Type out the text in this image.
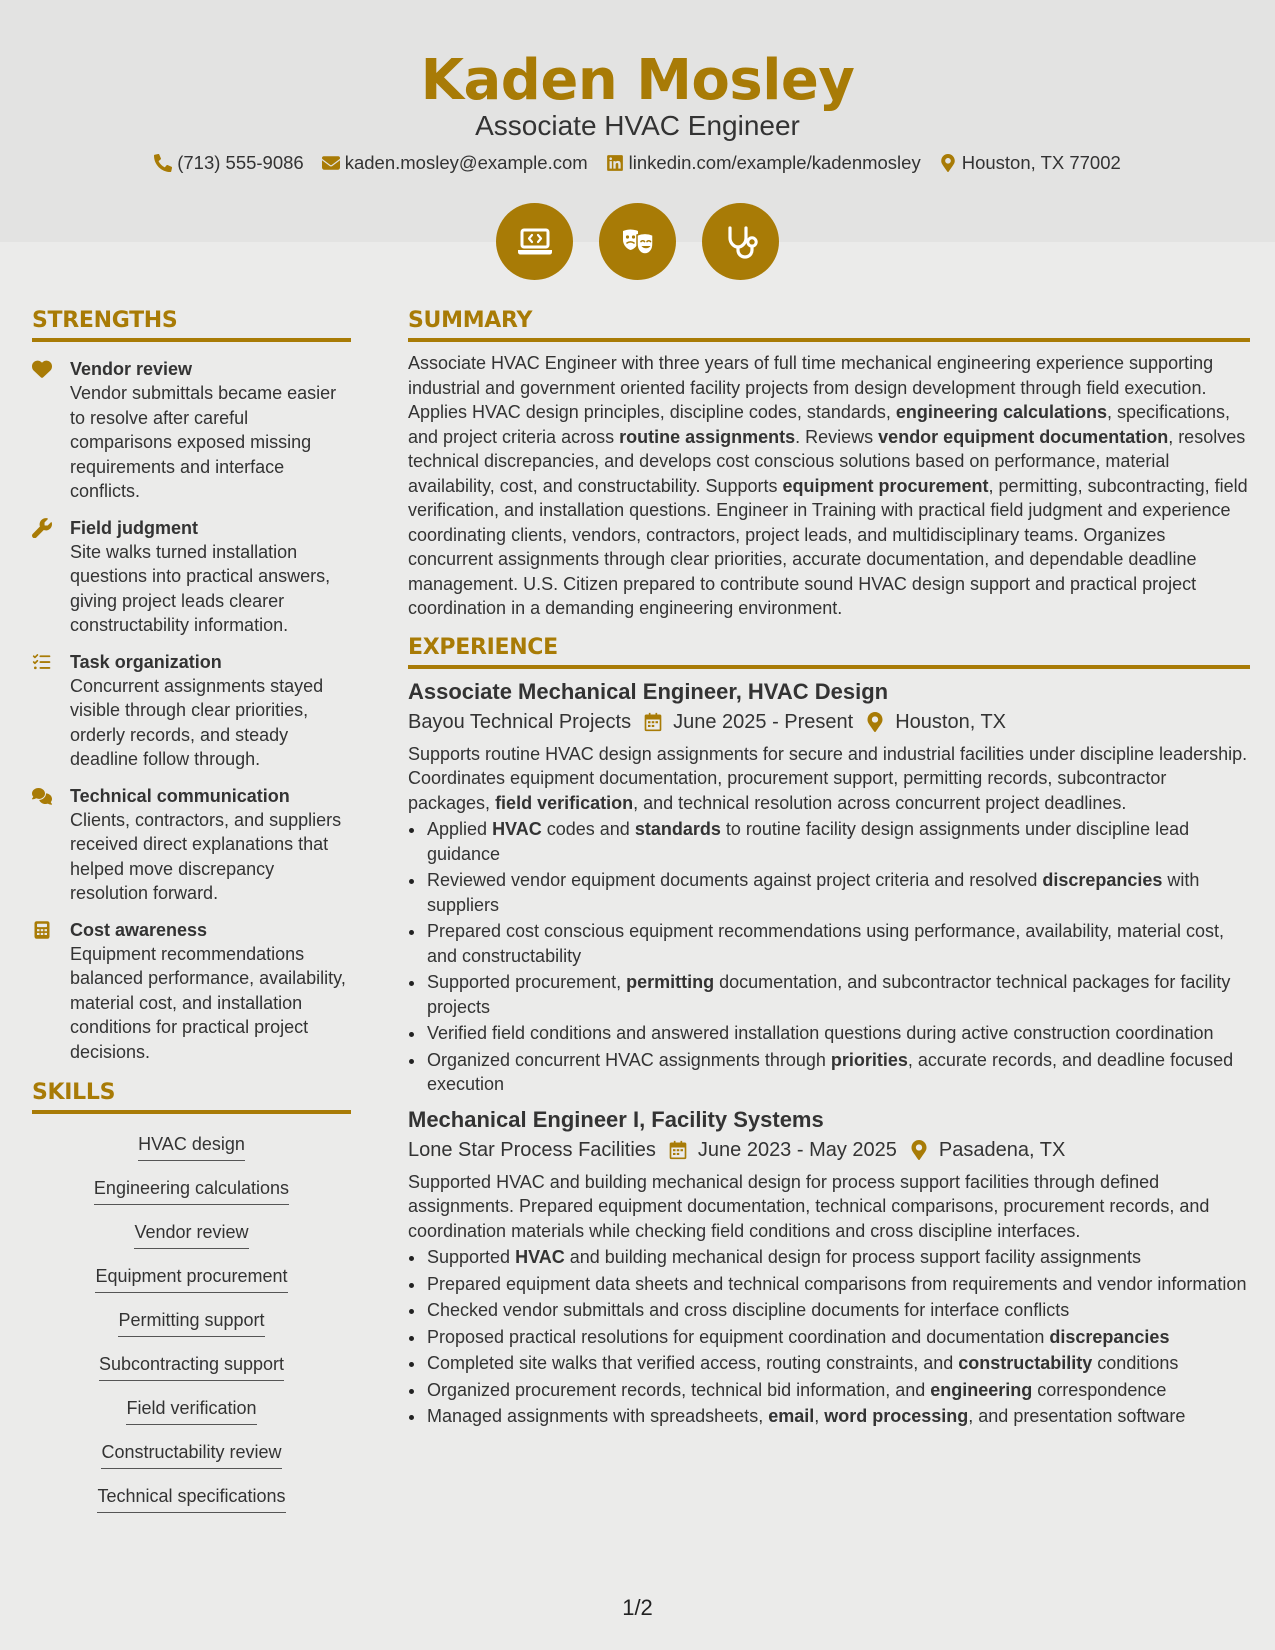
Kaden Mosley
Associate HVAC Engineer
(713) 555-9086 kaden.mosley@example.com linkedin.com/example/kadenmosley Houston, TX 77002
STRENGTHS
Vendor review
Vendor submittals became easier to resolve after careful comparisons exposed missing requirements and interface conflicts.
Field judgment
Site walks turned installation questions into practical answers, giving project leads clearer constructability information.
Task organization
Concurrent assignments stayed visible through clear priorities, orderly records, and steady deadline follow through.
Technical communication
Clients, contractors, and suppliers received direct explanations that helped move discrepancy resolution forward.
Cost awareness
Equipment recommendations balanced performance, availability, material cost, and installation conditions for practical project decisions.
SKILLS
HVAC design
Engineering calculations
Vendor review
Equipment procurement
Permitting support
Subcontracting support
Field verification
Constructability review
Technical specifications
SUMMARY

Associate HVAC Engineer with three years of full time mechanical engineering experience supporting industrial and government oriented facility projects from design development through field execution. Applies HVAC design principles, discipline codes, standards, engineering calculations, specifications, and project criteria across routine assignments. Reviews vendor equipment documentation, resolves technical discrepancies, and develops cost conscious solutions based on performance, material availability, cost, and constructability. Supports equipment procurement, permitting, subcontracting, field verification, and installation questions. Engineer in Training with practical field judgment and experience coordinating clients, vendors, contractors, project leads, and multidisciplinary teams. Organizes concurrent assignments through clear priorities, accurate documentation, and dependable deadline management. U.S. Citizen prepared to contribute sound HVAC design support and practical project coordination in a demanding engineering environment.

EXPERIENCE
Associate Mechanical Engineer, HVAC Design
Bayou Technical Projects June 2025 - Present Houston, TX

Supports routine HVAC design assignments for secure and industrial facilities under discipline leadership. Coordinates equipment documentation, procurement support, permitting records, subcontractor packages, field verification, and technical resolution across concurrent project deadlines.

• Applied HVAC codes and standards to routine facility design assignments under discipline lead guidance
• Reviewed vendor equipment documents against project criteria and resolved discrepancies with suppliers
• Prepared cost conscious equipment recommendations using performance, availability, material cost, and constructability
• Supported procurement, permitting documentation, and subcontractor technical packages for facility projects
• Verified field conditions and answered installation questions during active construction coordination
• Organized concurrent HVAC assignments through priorities, accurate records, and deadline focused execution
Mechanical Engineer I, Facility Systems
Lone Star Process Facilities June 2023 - May 2025 Pasadena, TX

Supported HVAC and building mechanical design for process support facilities through defined assignments. Prepared equipment documentation, technical comparisons, procurement records, and coordination materials while checking field conditions and cross discipline interfaces.

• Supported HVAC and building mechanical design for process support facility assignments
• Prepared equipment data sheets and technical comparisons from requirements and vendor information
• Checked vendor submittals and cross discipline documents for interface conflicts
• Proposed practical resolutions for equipment coordination and documentation discrepancies
• Completed site walks that verified access, routing constraints, and constructability conditions
• Organized procurement records, technical bid information, and engineering correspondence
• Managed assignments with spreadsheets, email, word processing, and presentation software
1/2
